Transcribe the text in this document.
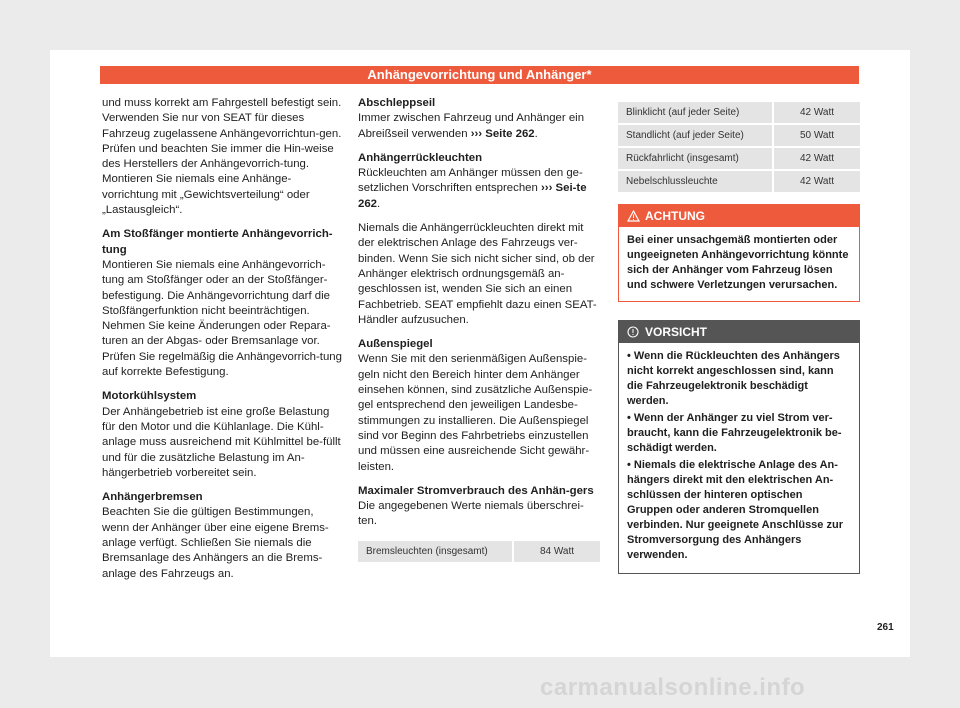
Anhängevorrichtung und Anhänger*

und muss korrekt am Fahrgestell befestigt sein. Verwenden Sie nur von SEAT für dieses Fahrzeug zugelassene Anhängevorrichtun-gen. Prüfen und beachten Sie immer die Hin-weise des Herstellers der Anhängevorrich-tung. Montieren Sie niemals eine Anhänge-vorrichtung mit „Gewichtsverteilung“ oder „Lastausgleich“.

Am Stoßfänger montierte Anhängevorrich-tung

Montieren Sie niemals eine Anhängevorrich-tung am Stoßfänger oder an der Stoßfänger-befestigung. Die Anhängevorrichtung darf die Stoßfängerfunktion nicht beeinträchtigen. Nehmen Sie keine Änderungen oder Repara-turen an der Abgas- oder Bremsanlage vor. Prüfen Sie regelmäßig die Anhängevorrich-tung auf korrekte Befestigung.

Motorkühlsystem

Der Anhängebetrieb ist eine große Belastung für den Motor und die Kühlanlage. Die Kühl-anlage muss ausreichend mit Kühlmittel be-füllt und für die zusätzliche Belastung im An-hängerbetrieb vorbereitet sein.

Anhängerbremsen

Beachten Sie die gültigen Bestimmungen, wenn der Anhänger über eine eigene Brems-anlage verfügt. Schließen Sie niemals die Bremsanlage des Anhängers an die Brems-anlage des Fahrzeugs an.

Abschleppseil

Immer zwischen Fahrzeug und Anhänger ein Abreißseil verwenden ››› Seite 262.

Anhängerrückleuchten

Rückleuchten am Anhänger müssen den ge-setzlichen Vorschriften entsprechen ››› Sei-te 262.

Niemals die Anhängerrückleuchten direkt mit der elektrischen Anlage des Fahrzeugs ver-binden. Wenn Sie sich nicht sicher sind, ob der Anhänger elektrisch ordnungsgemäß an-geschlossen ist, wenden Sie sich an einen Fachbetrieb. SEAT empfiehlt dazu einen SEAT-Händler aufzusuchen.

Außenspiegel

Wenn Sie mit den serienmäßigen Außenspie-geln nicht den Bereich hinter dem Anhänger einsehen können, sind zusätzliche Außenspie-gel entsprechend den jeweiligen Landesbe-stimmungen zu installieren. Die Außenspiegel sind vor Beginn des Fahrbetriebs einzustellen und müssen eine ausreichende Sicht gewähr-leisten.

Maximaler Stromverbrauch des Anhän-gers

Die angegebenen Werte niemals überschrei-ten.

Bremsleuchten (insgesamt)	84 Watt
Blinklicht (auf jeder Seite)	42 Watt
Standlicht (auf jeder Seite)	50 Watt
Rückfahrlicht (insgesamt)	42 Watt
Nebelschlussleuchte	42 Watt
ACHTUNG
Bei einer unsachgemäß montierten oder ungeeigneten Anhängevorrichtung könnte sich der Anhänger vom Fahrzeug lösen und schwere Verletzungen verursachen.
VORSICHT
• Wenn die Rückleuchten des Anhängers nicht korrekt angeschlossen sind, kann die Fahrzeugelektronik beschädigt werden.
• Wenn der Anhänger zu viel Strom ver-braucht, kann die Fahrzeugelektronik be-schädigt werden.
• Niemals die elektrische Anlage des An-hängers direkt mit den elektrischen An-schlüssen der hinteren optischen Gruppen oder anderen Stromquellen verbinden. Nur geeignete Anschlüsse zur Stromversorgung des Anhängers verwenden.
261
carmanualsonline.info
